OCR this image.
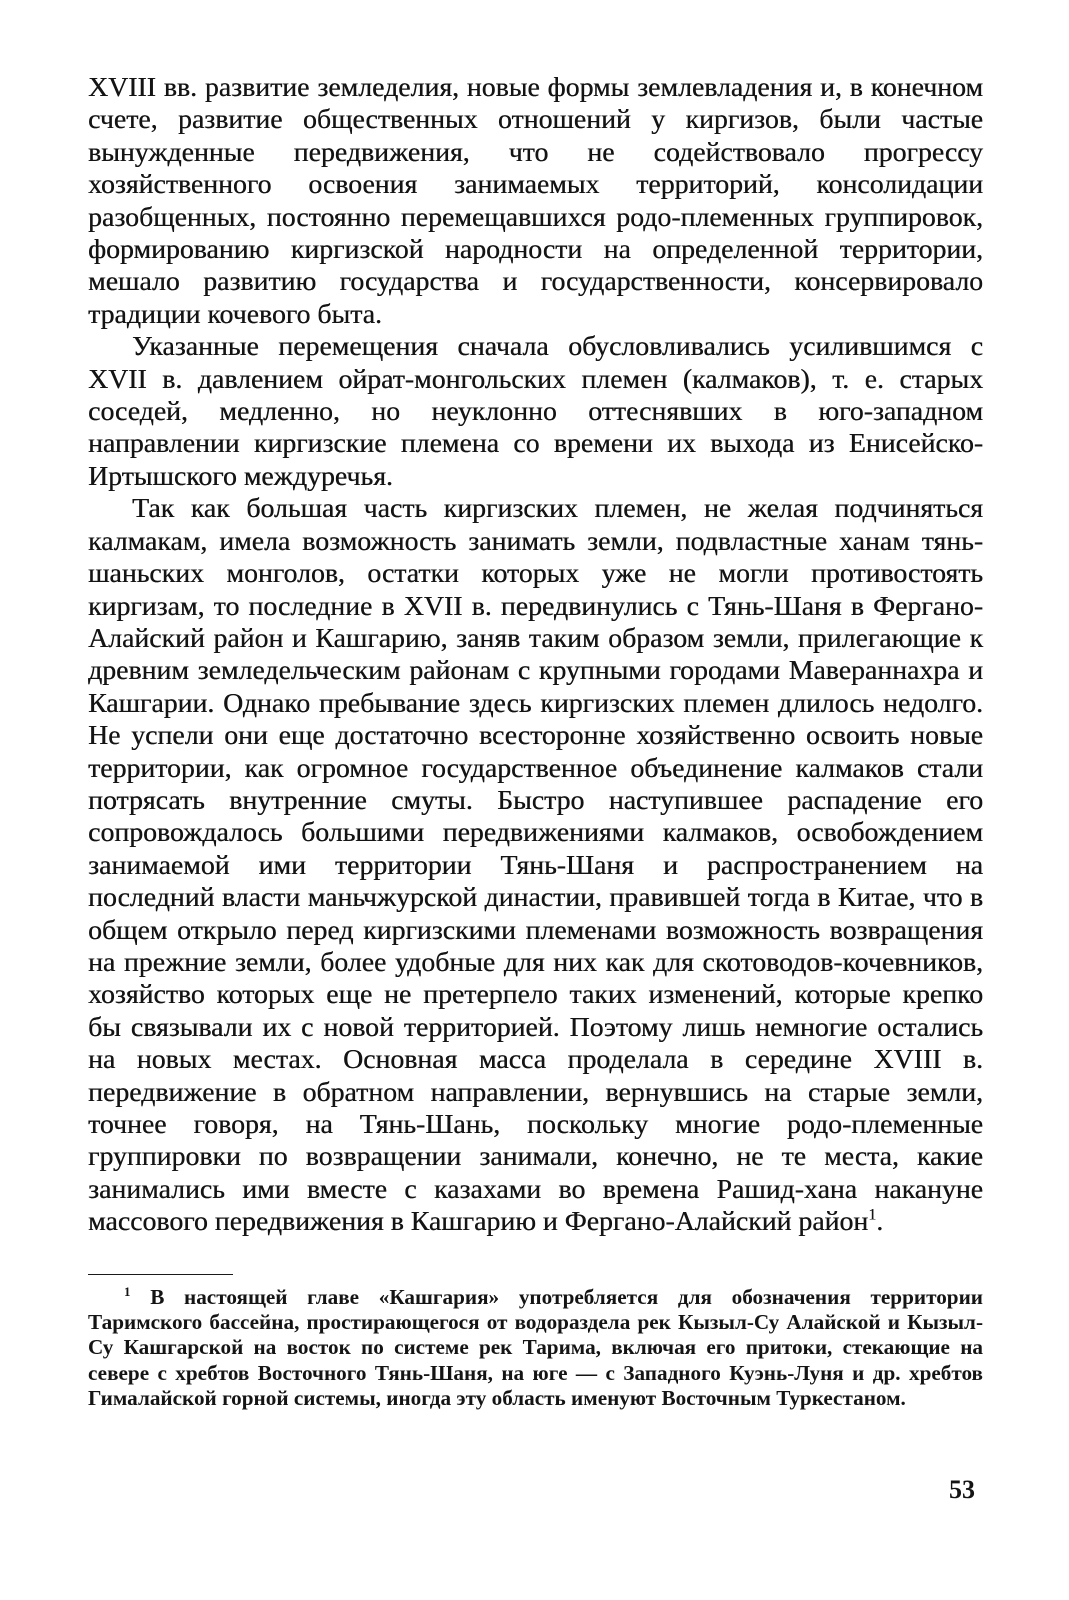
XVIII вв. развитие земледелия, новые формы землевладения и, в конечном счете, развитие общественных отношений у киргизов, были частые вынужденные передвижения, что не содействовало прогрессу хозяйственного освоения занимаемых территорий, консолидации разобщенных, постоянно перемещавшихся родо-племенных группировок, формированию киргизской народности на определенной территории, мешало развитию государства и государственности, консервировало традиции кочевого быта.

Указанные перемещения сначала обусловливались усилившимся с XVII в. давлением ойрат-монгольских племен (калмаков), т. е. старых соседей, медленно, но неуклонно оттеснявших в юго-западном направлении киргизские племена со времени их выхода из Енисейско-Иртышского междуречья.

Так как большая часть киргизских племен, не желая подчиняться калмакам, имела возможность занимать земли, подвластные ханам тянь-шаньских монголов, остатки которых уже не могли противостоять киргизам, то последние в XVII в. передвинулись с Тянь-Шаня в Ферганo-Алайский район и Кашгарию, заняв таким образом земли, прилегающие к древним земледельческим районам с крупными городами Мавераннахра и Кашгарии. Однако пребывание здесь киргизских племен длилось недолго. Не успели они еще достаточно всесторонне хозяйственно освоить новые территории, как огромное государственное объединение калмаков стали потрясать внутренние смуты. Быстро наступившее распадение его сопровождалось большими передвижениями калмаков, освобождением занимаемой ими территории Тянь-Шаня и распространением на последний власти маньчжурской династии, правившей тогда в Китае, что в общем открыло перед киргизскими племенами возможность возвращения на прежние земли, более удобные для них как для скотоводов-кочевников, хозяйство которых еще не претерпело таких изменений, которые крепко бы связывали их с новой территорией. Поэтому лишь немногие остались на новых местах. Основная масса проделала в середине XVIII в. передвижение в обратном направлении, вернувшись на старые земли, точнее говоря, на Тянь-Шань, поскольку многие родо-племенные группировки по возвращении занимали, конечно, не те места, какие занимались ими вместе с казахами во времена Рашид-хана накануне массового передвижения в Кашгарию и Ферганo-Алайский район$^1$.

$^1$ В настоящей главе «Кашгария» употребляется для обозначения территории Таримского бассейна, простирающегося от водораздела рек Кызыл-Су Алайской и Кызыл-Су Кашгарской на восток по системе рек Тарима, включая его притоки, стекающие на севере с хребтов Восточного Тянь-Шаня, на юге — с Западного Куэнь-Луня и др. хребтов Гималайской горной системы, иногда эту область именуют Восточным Туркестаном.

53
